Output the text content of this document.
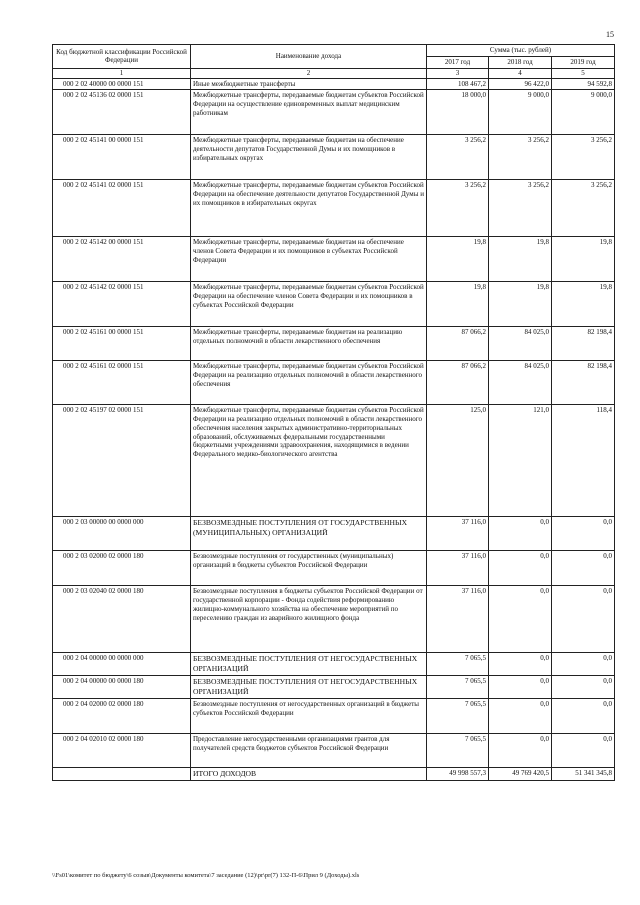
15
Код бюджетной классификации Российской Федерации	Наименование дохода	Сумма (тыс. рублей)		
		2017 год	2018 год	2019 год
1	2	3	4	5
000 2 02 40000 00 0000 151	Иные межбюджетные трансферты	108 467,2	96 422,0	94 592,8
000 2 02 45136 02 0000 151	Межбюджетные трансферты, передаваемые бюджетам субъектов Российской Федерации на осуществление единовременных выплат медицинским работникам	18 000,0	9 000,0	9 000,0
000 2 02 45141 00 0000 151	Межбюджетные трансферты, передаваемые бюджетам на обеспечение деятельности депутатов Государственной Думы и их помощников в избирательных округах	3 256,2	3 256,2	3 256,2
000 2 02 45141 02 0000 151	Межбюджетные трансферты, передаваемые бюджетам субъектов Российской Федерации на обеспечение деятельности депутатов Государственной Думы и их помощников в избирательных округах	3 256,2	3 256,2	3 256,2
000 2 02 45142 00 0000 151	Межбюджетные трансферты, передаваемые бюджетам на обеспечение членов Совета Федерации и их помощников в субъектах Российской Федерации	19,8	19,8	19,8
000 2 02 45142 02 0000 151	Межбюджетные трансферты, передаваемые бюджетам субъектов Российской Федерации на обеспечение членов Совета Федерации и их помощников в субъектах Российской Федерации	19,8	19,8	19,8
000 2 02 45161 00 0000 151	Межбюджетные трансферты, передаваемые бюджетам на реализацию отдельных полномочий в области лекарственного обеспечения	87 066,2	84 025,0	82 198,4
000 2 02 45161 02 0000 151	Межбюджетные трансферты, передаваемые бюджетам субъектов Российской Федерации на реализацию отдельных полномочий в области лекарственного обеспечения	87 066,2	84 025,0	82 198,4
000 2 02 45197 02 0000 151	Межбюджетные трансферты, передаваемые бюджетам субъектов Российской Федерации на реализацию отдельных полномочий в области лекарственного обеспечения населения закрытых административно-территориальных образований, обслуживаемых федеральными государственными бюджетными учреждениями здравоохранения, находящимися в ведении Федерального медико-биологического агентства	125,0	121,0	118,4
000 2 03 00000 00 0000 000	БЕЗВОЗМЕЗДНЫЕ ПОСТУПЛЕНИЯ ОТ ГОСУДАРСТВЕННЫХ (МУНИЦИПАЛЬНЫХ) ОРГАНИЗАЦИЙ	37 116,0	0,0	0,0
000 2 03 02000 02 0000 180	Безвозмездные поступления от государственных (муниципальных) организаций в бюджеты субъектов Российской Федерации	37 116,0	0,0	0,0
000 2 03 02040 02 0000 180	Безвозмездные поступления в бюджеты субъектов Российской Федерации от государственной корпорации - Фонда содействия реформированию жилищно-коммунального хозяйства на обеспечение мероприятий по переселению граждан из аварийного жилищного фонда	37 116,0	0,0	0,0
000 2 04 00000 00 0000 000	БЕЗВОЗМЕЗДНЫЕ ПОСТУПЛЕНИЯ ОТ НЕГОСУДАРСТВЕННЫХ ОРГАНИЗАЦИЙ	7 065,5	0,0	0,0
000 2 04 00000 00 0000 180	БЕЗВОЗМЕЗДНЫЕ ПОСТУПЛЕНИЯ ОТ НЕГОСУДАРСТВЕННЫХ ОРГАНИЗАЦИЙ	7 065,5	0,0	0,0
000 2 04 02000 02 0000 180	Безвозмездные поступления от негосударственных организаций в бюджеты субъектов Российской Федерации	7 065,5	0,0	0,0
000 2 04 02010 02 0000 180	Предоставление негосударственными организациями грантов для получателей средств бюджетов субъектов Российской Федерации	7 065,5	0,0	0,0
	ИТОГО ДОХОДОВ	49 998 557,3	49 769 420,5	51 341 345,8
\\Fs01\комитет по бюджету\6 созыв\Документы комитета\7 заседание (12)\pr\pr(7) 132-П-6\Прил 9 (Доходы).xls
